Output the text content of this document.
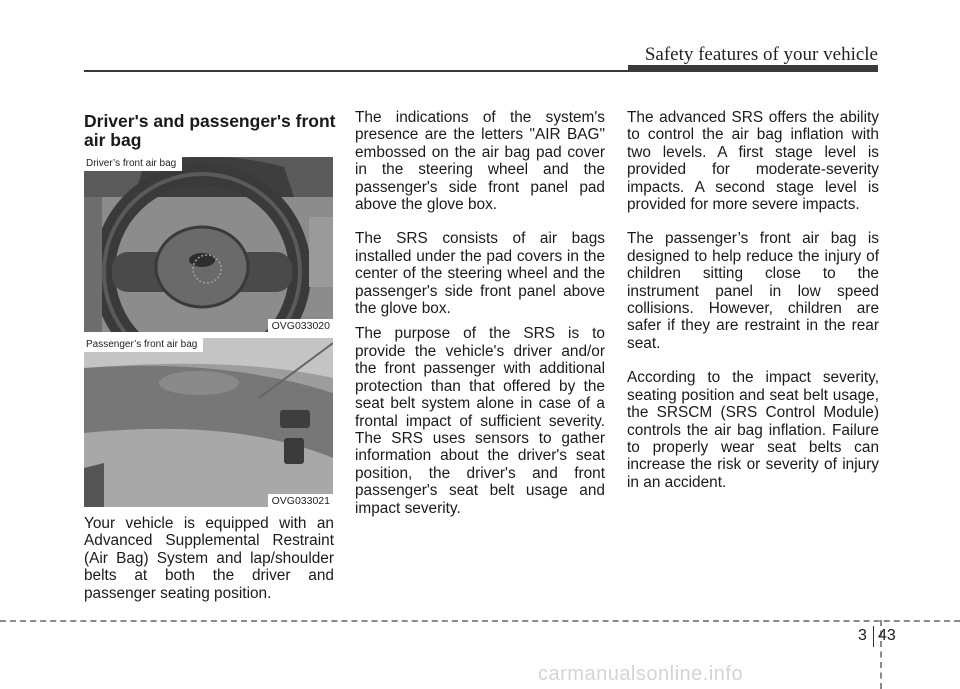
Safety features of your vehicle
Driver's and passenger's front air bag
Driver’s front air bag
OVG033020
Passenger’s front air bag
OVG033021

Your vehicle is equipped with an Advanced Supplemental Restraint (Air Bag) System and lap/shoulder belts at both the driver and passenger seating position.

The indications of the system's presence are the letters "AIR BAG" embossed on the air bag pad cover in the steering wheel and the passenger's side front panel pad above the glove box.

The SRS consists of air bags installed under the pad covers in the center of the steering wheel and the passenger's side front panel above the glove box.

The purpose of the SRS is to provide the vehicle's driver and/or the front passenger with additional protection than that offered by the seat belt system alone in case of a frontal impact of sufficient severity. The SRS uses sensors to gather information about the driver's seat position, the driver's and front passenger's seat belt usage and impact severity.

The advanced SRS offers the ability to control the air bag inflation with two levels. A first stage level is provided for moderate-severity impacts. A second stage level is provided for more severe impacts.

The passenger’s front air bag is designed to help reduce the injury of children sitting close to the instrument panel in low speed collisions. However, children are safer if they are restraint in the rear seat.

According to the impact severity, seating position and seat belt usage, the SRSCM (SRS Control Module) controls the air bag inflation. Failure to properly wear seat belts can increase the risk or severity of injury in an accident.

3 43
carmanualsonline.info
